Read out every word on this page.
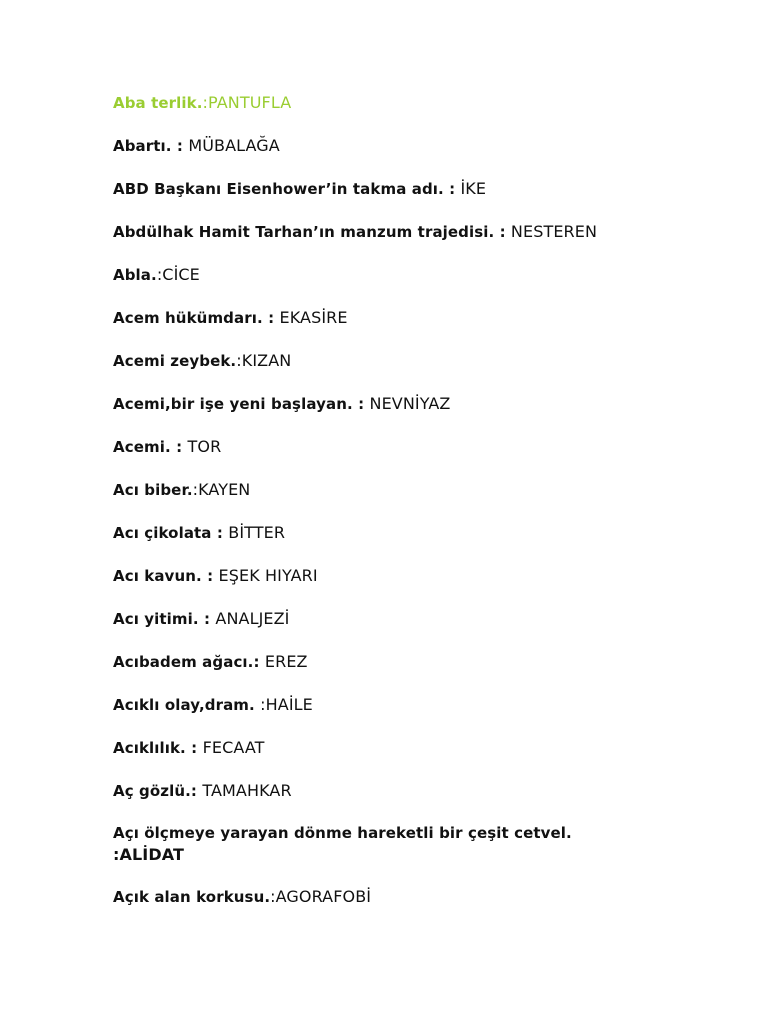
Aba terlik.:PANTUFLA
Abartı. : MÜBALAĞA
ABD Başkanı Eisenhower’in takma adı. : İKE
Abdülhak Hamit Tarhan’ın manzum trajedisi. : NESTEREN
Abla.:CİCE
Acem hükümdarı. : EKASİRE
Acemi zeybek.:KIZAN
Acemi,bir işe yeni başlayan. : NEVNİYAZ
Acemi. : TOR
Acı biber.:KAYEN
Acı çikolata : BİTTER
Acı kavun. : EŞEK HIYARI
Acı yitimi. : ANALJEZİ
Acıbadem ağacı.: EREZ
Acıklı olay,dram. :HAİLE
Acıklılık. : FECAAT
Aç gözlü.: TAMAHKAR
Açı ölçmeye yarayan dönme hareketli bir çeşit cetvel.
:ALİDAT
Açık alan korkusu.:AGORAFOBİ
